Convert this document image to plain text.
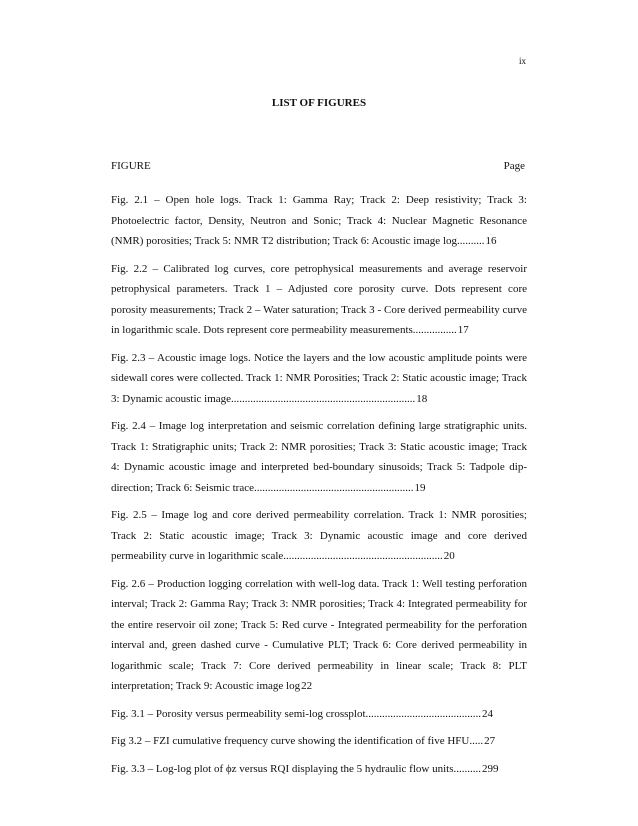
ix
LIST OF FIGURES
FIGURE	Page

Fig. 2.1 – Open hole logs. Track 1: Gamma Ray; Track 2: Deep resistivity; Track 3: Photoelectric factor, Density, Neutron and Sonic; Track 4: Nuclear Magnetic Resonance (NMR) porosities; Track 5: NMR T2 distribution; Track 6: Acoustic image log..........16

Fig. 2.2 – Calibrated log curves, core petrophysical measurements and average reservoir petrophysical parameters. Track 1 – Adjusted core porosity curve. Dots represent core porosity measurements; Track 2 – Water saturation; Track 3 - Core derived permeability curve in logarithmic scale. Dots represent core permeability measurements................17

Fig. 2.3 – Acoustic image logs. Notice the layers and the low acoustic amplitude points were sidewall cores were collected. Track 1: NMR Porosities; Track 2: Static acoustic image; Track 3: Dynamic acoustic image...................................................................18

Fig. 2.4 – Image log interpretation and seismic correlation defining large stratigraphic units. Track 1: Stratigraphic units; Track 2: NMR porosities; Track 3: Static acoustic image; Track 4: Dynamic acoustic image and interpreted bed-boundary sinusoids; Track 5: Tadpole dip-direction; Track 6: Seismic trace..........................................................19

Fig. 2.5 – Image log and core derived permeability correlation. Track 1: NMR porosities; Track 2: Static acoustic image; Track 3: Dynamic acoustic image and core derived permeability curve in logarithmic scale..........................................................20

Fig. 2.6 – Production logging correlation with well-log data. Track 1: Well testing perforation interval; Track 2: Gamma Ray; Track 3: NMR porosities; Track 4: Integrated permeability for the entire reservoir oil zone; Track 5: Red curve - Integrated permeability for the perforation interval and, green dashed curve - Cumulative PLT; Track 6: Core derived permeability in logarithmic scale; Track 7: Core derived permeability in linear scale; Track 8: PLT interpretation; Track 9: Acoustic image log22

Fig. 3.1 – Porosity versus permeability semi-log crossplot..........................................24

Fig 3.2 – FZI cumulative frequency curve showing the identification of five HFU.....27

Fig. 3.3 – Log-log plot of ϕz versus RQI displaying the 5 hydraulic flow units..........299
